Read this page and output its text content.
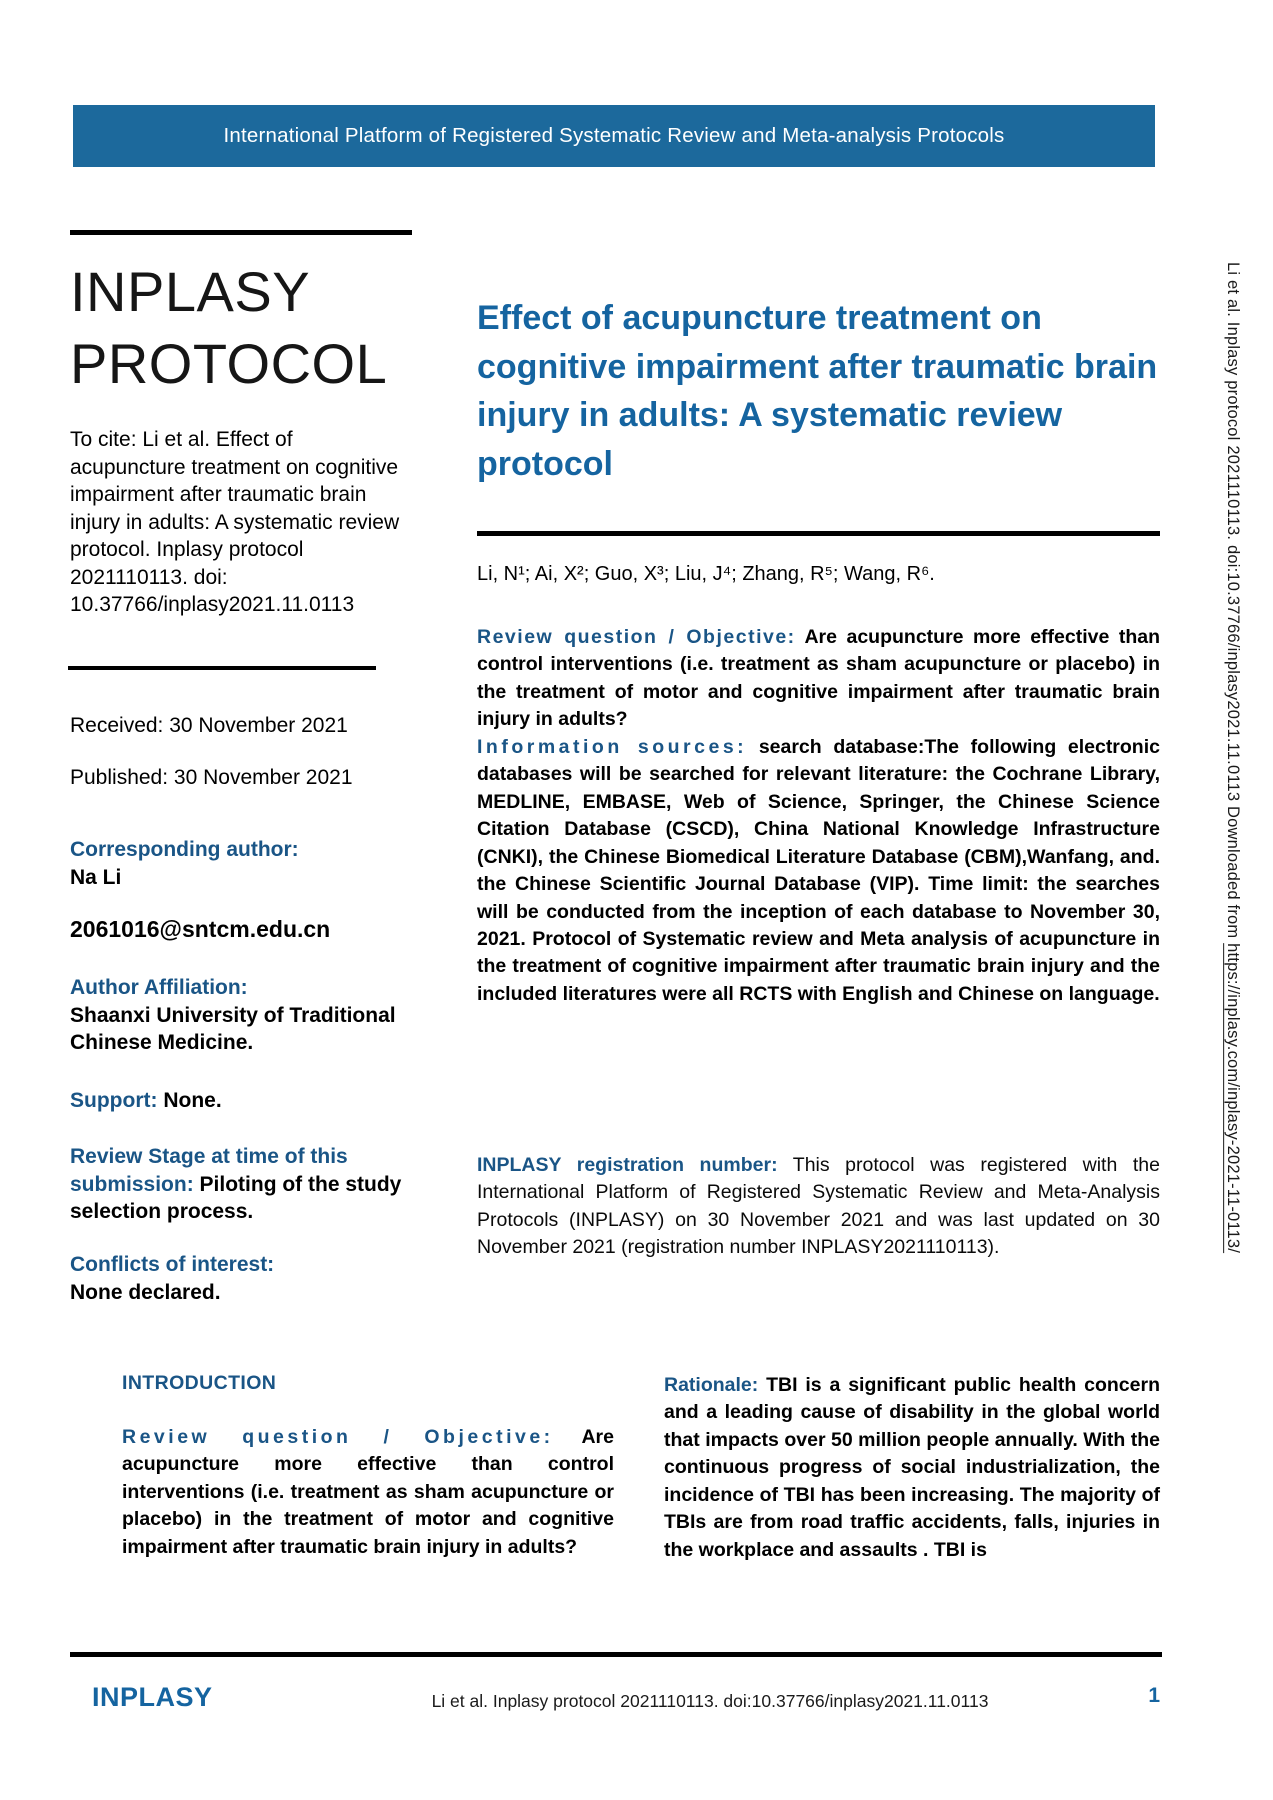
International Platform of Registered Systematic Review and Meta-analysis Protocols
Li et al. Inplasy protocol 2021110113. doi:10.37766/inplasy2021.11.0113 Downloaded from https://inplasy.com/inplasy-2021-11-0113/
INPLASY
PROTOCOL
To cite: Li et al. Effect of acupuncture treatment on cognitive impairment after traumatic brain injury in adults: A systematic review protocol. Inplasy protocol 2021110113. doi:
10.37766/inplasy2021.11.0113
Received: 30 November 2021
Published: 30 November 2021
Corresponding author:
Na Li
2061016@sntcm.edu.cn
Author Affiliation:
Shaanxi University of Traditional Chinese Medicine.
Support: None.
Review Stage at time of this submission: Piloting of the study selection process.
Conflicts of interest:
None declared.
Effect of acupuncture treatment on cognitive impairment after traumatic brain injury in adults: A systematic review protocol
Li, N¹; Ai, X²; Guo, X³; Liu, J⁴; Zhang, R⁵; Wang, R⁶.

Review question / Objective: Are acupuncture more effective than control interventions (i.e. treatment as sham acupuncture or placebo) in the treatment of motor and cognitive impairment after traumatic brain injury in adults?

Information sources: search database:The following electronic databases will be searched for relevant literature: the Cochrane Library, MEDLINE, EMBASE, Web of Science, Springer, the Chinese Science Citation Database (CSCD), China National Knowledge Infrastructure (CNKI), the Chinese Biomedical Literature Database (CBM),Wanfang, and. the Chinese Scientific Journal Database (VIP). Time limit: the searches will be conducted from the inception of each database to November 30, 2021. Protocol of Systematic review and Meta analysis of acupuncture in the treatment of cognitive impairment after traumatic brain injury and the included literatures were all RCTS with English and Chinese on language.

INPLASY registration number: This protocol was registered with the International Platform of Registered Systematic Review and Meta-Analysis Protocols (INPLASY) on 30 November 2021 and was last updated on 30 November 2021 (registration number INPLASY2021110113).
INTRODUCTION
Review question / Objective: Are acupuncture more effective than control interventions (i.e. treatment as sham acupuncture or placebo) in the treatment of motor and cognitive impairment after traumatic brain injury in adults?
Rationale: TBI is a significant public health concern and a leading cause of disability in the global world that impacts over 50 million people annually. With the continuous progress of social industrialization, the incidence of TBI has been increasing. The majority of TBIs are from road traffic accidents, falls, injuries in the workplace and assaults . TBI is
INPLASY	Li et al. Inplasy protocol 2021110113. doi:10.37766/inplasy2021.11.0113	1
